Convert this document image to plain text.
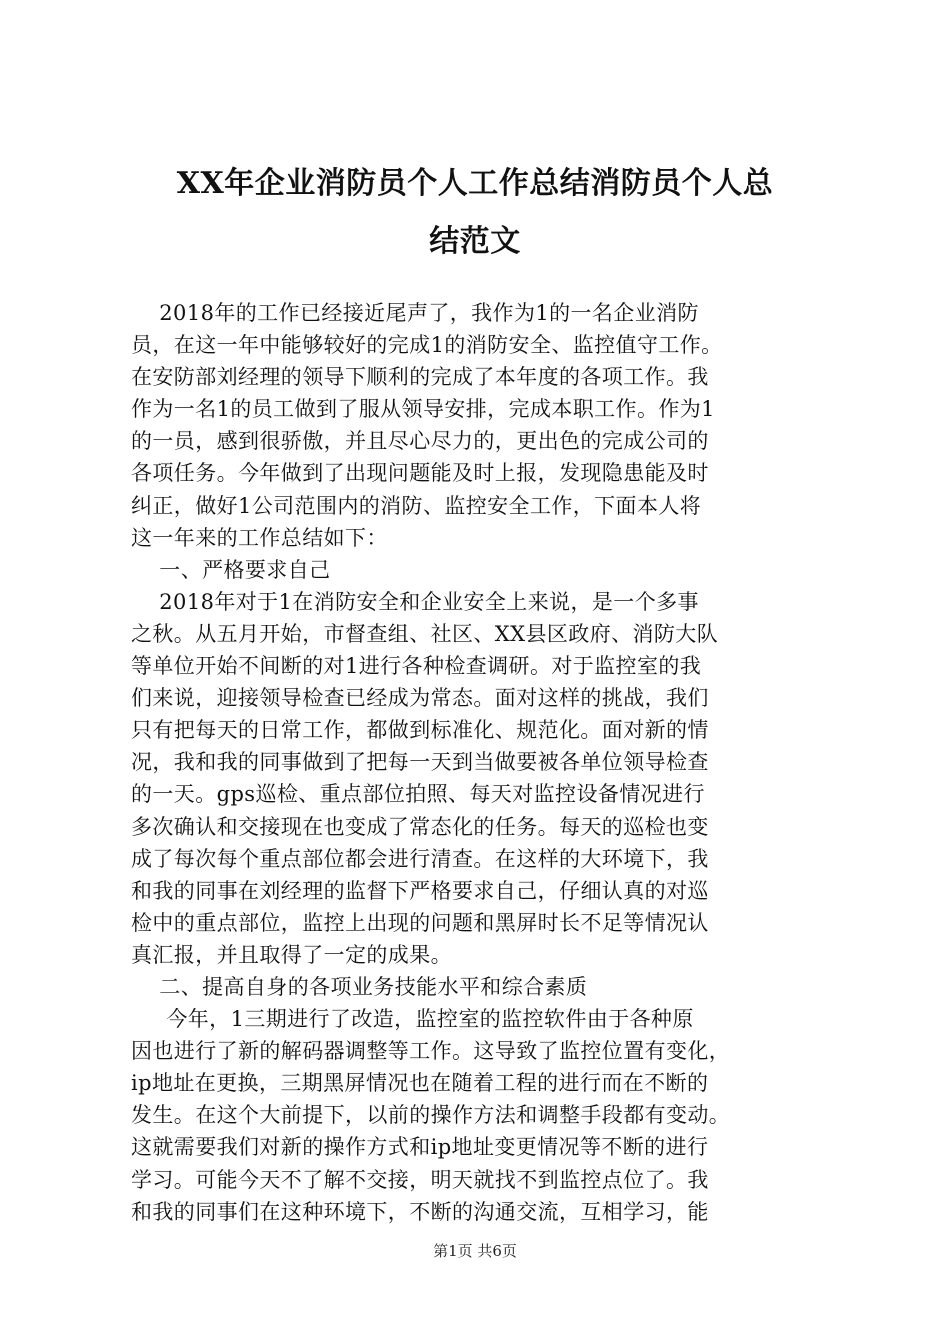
XX年企业消防员个人工作总结消防员个人总
结范文
2018年的工作已经接近尾声了，我作为1的一名企业消防
员，在这一年中能够较好的完成1的消防安全、监控值守工作。
在安防部刘经理的领导下顺利的完成了本年度的各项工作。我
作为一名1的员工做到了服从领导安排，完成本职工作。作为1
的一员，感到很骄傲，并且尽心尽力的，更出色的完成公司的
各项任务。今年做到了出现问题能及时上报，发现隐患能及时
纠正，做好1公司范围内的消防、监控安全工作，下面本人将
这一年来的工作总结如下：
一、严格要求自己
2018年对于1在消防安全和企业安全上来说，是一个多事
之秋。从五月开始，市督查组、社区、XX县区政府、消防大队
等单位开始不间断的对1进行各种检查调研。对于监控室的我
们来说，迎接领导检查已经成为常态。面对这样的挑战，我们
只有把每天的日常工作，都做到标准化、规范化。面对新的情
况，我和我的同事做到了把每一天到当做要被各单位领导检查
的一天。gps巡检、重点部位拍照、每天对监控设备情况进行
多次确认和交接现在也变成了常态化的任务。每天的巡检也变
成了每次每个重点部位都会进行清查。在这样的大环境下，我
和我的同事在刘经理的监督下严格要求自己，仔细认真的对巡
检中的重点部位，监控上出现的问题和黑屏时长不足等情况认
真汇报，并且取得了一定的成果。
二、提高自身的各项业务技能水平和综合素质
今年，1三期进行了改造，监控室的监控软件由于各种原
因也进行了新的解码器调整等工作。这导致了监控位置有变化，
ip地址在更换，三期黑屏情况也在随着工程的进行而在不断的
发生。在这个大前提下，以前的操作方法和调整手段都有变动。
这就需要我们对新的操作方式和ip地址变更情况等不断的进行
学习。可能今天不了解不交接，明天就找不到监控点位了。我
和我的同事们在这种环境下，不断的沟通交流，互相学习，能
第1页 共6页
